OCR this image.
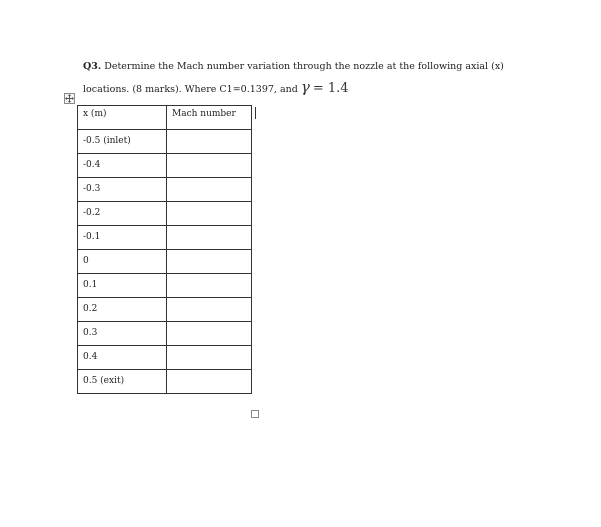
Q3. Determine the Mach number variation through the nozzle at the following axial (x)
locations. (8 marks). Where C1=0.1397, and γ = 1.4
x (m)	Mach number
-0.5 (inlet)	
-0.4	
-0.3	
-0.2	
-0.1	
0	
0.1	
0.2	
0.3	
0.4	
0.5 (exit)	
